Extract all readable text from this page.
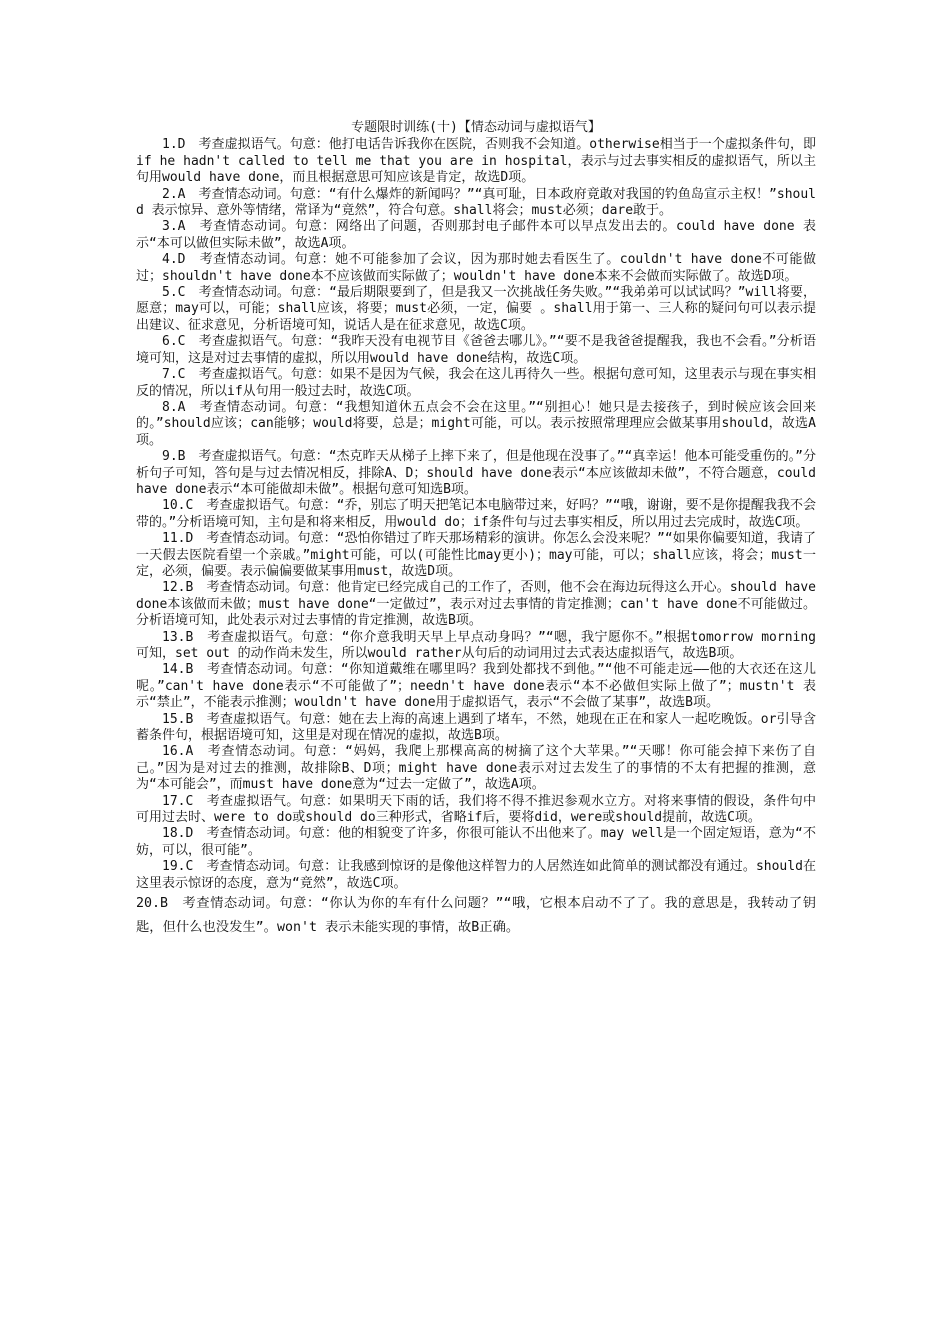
专题限时训练(十)【情态动词与虚拟语气】

1.D　考查虚拟语气。句意：他打电话告诉我你在医院，否则我不会知道。otherwise相当于一个虚拟条件句，即if he hadn't called to tell me that you are in hospital，表示与过去事实相反的虚拟语气，所以主句用would have done，而且根据意思可知应该是肯定，故选D项。

2.A　考查情态动词。句意：“有什么爆炸的新闻吗？”“真可耻，日本政府竟敢对我国的钓鱼岛宣示主权！”should 表示惊异、意外等情绪，常译为“竟然”，符合句意。shall将会；must必须；dare敢于。

3.A　考查情态动词。句意：网络出了问题，否则那封电子邮件本可以早点发出去的。could have done 表示“本可以做但实际未做”，故选A项。

4.D　考查情态动词。句意：她不可能参加了会议，因为那时她去看医生了。couldn't have done不可能做过；shouldn't have done本不应该做而实际做了；wouldn't have done本来不会做而实际做了。故选D项。

5.C　考查情态动词。句意：“最后期限要到了，但是我又一次挑战任务失败。”“我弟弟可以试试吗？”will将要，愿意；may可以，可能；shall应该，将要；must必须，一定，偏要 。shall用于第一、三人称的疑问句可以表示提出建议、征求意见，分析语境可知，说话人是在征求意见，故选C项。

6.C　考查虚拟语气。句意：“我昨天没有电视节目《爸爸去哪儿》。”“要不是我爸爸提醒我，我也不会看。”分析语境可知，这是对过去事情的虚拟，所以用would have done结构，故选C项。

7.C　考查虚拟语气。句意：如果不是因为气候，我会在这儿再待久一些。根据句意可知，这里表示与现在事实相反的情况，所以if从句用一般过去时，故选C项。

8.A　考查情态动词。句意：“我想知道休五点会不会在这里。”“别担心！她只是去接孩子，到时候应该会回来的。”should应该；can能够；would将要，总是；might可能，可以。表示按照常理理应会做某事用should，故选A项。

9.B　考查虚拟语气。句意：“杰克昨天从梯子上摔下来了，但是他现在没事了。”“真幸运！他本可能受重伤的。”分析句子可知，答句是与过去情况相反，排除A、D；should have done表示“本应该做却未做”，不符合题意，could have done表示“本可能做却未做”。根据句意可知选B项。

10.C　考查虚拟语气。句意：“乔，别忘了明天把笔记本电脑带过来，好吗？”“哦，谢谢，要不是你提醒我我不会带的。”分析语境可知，主句是和将来相反，用would do；if条件句与过去事实相反，所以用过去完成时，故选C项。

11.D　考查情态动词。句意：“恐怕你错过了昨天那场精彩的演讲。你怎么会没来呢？”“如果你偏要知道，我请了一天假去医院看望一个亲戚。”might可能，可以(可能性比may更小)；may可能，可以；shall应该，将会；must一定，必须，偏要。表示偏偏要做某事用must，故选D项。

12.B　考查情态动词。句意：他肯定已经完成自己的工作了，否则，他不会在海边玩得这么开心。should have done本该做而未做；must have done“一定做过”，表示对过去事情的肯定推测；can't have done不可能做过。分析语境可知，此处表示对过去事情的肯定推测，故选B项。

13.B　考查虚拟语气。句意：“你介意我明天早上早点动身吗？”“嗯，我宁愿你不。”根据tomorrow morning 可知，set out 的动作尚未发生，所以would rather从句后的动词用过去式表达虚拟语气，故选B项。

14.B　考查情态动词。句意：“你知道戴维在哪里吗？我到处都找不到他。”“他不可能走远——他的大衣还在这儿呢。”can't have done表示“不可能做了”；needn't have done表示“本不必做但实际上做了”；mustn't 表示“禁止”，不能表示推测；wouldn't have done用于虚拟语气，表示“不会做了某事”，故选B项。

15.B　考查虚拟语气。句意：她在去上海的高速上遇到了堵车，不然，她现在正在和家人一起吃晚饭。or引导含蓄条件句，根据语境可知，这里是对现在情况的虚拟，故选B项。

16.A　考查情态动词。句意：“妈妈，我爬上那棵高高的树摘了这个大苹果。”“天哪！你可能会掉下来伤了自己。”因为是对过去的推测，故排除B、D项；might have done表示对过去发生了的事情的不太有把握的推测，意为“本可能会”，而must have done意为“过去一定做了”，故选A项。

17.C　考查虚拟语气。句意：如果明天下雨的话，我们将不得不推迟参观水立方。对将来事情的假设，条件句中可用过去时、were to do或should do三种形式，省略if后，要将did，were或should提前，故选C项。

18.D　考查情态动词。句意：他的相貌变了许多，你很可能认不出他来了。may well是一个固定短语，意为“不妨，可以，很可能”。

19.C　考查情态动词。句意：让我感到惊讶的是像他这样智力的人居然连如此简单的测试都没有通过。should在这里表示惊讶的态度，意为“竟然”，故选C项。

20.B　考查情态动词。句意：“你认为你的车有什么问题？”“哦，它根本启动不了了。我的意思是，我转动了钥匙，但什么也没发生”。won't 表示未能实现的事情，故B正确。
